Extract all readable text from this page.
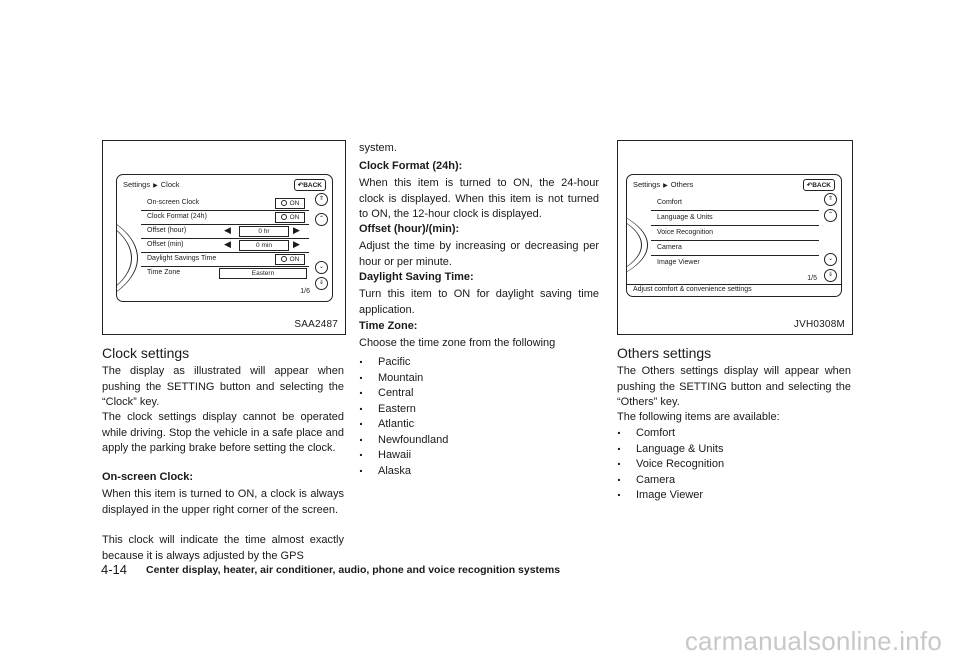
Settings ▶ Clock	↶BACK
On-screen Clock	ON
Clock Format (24h)	ON
Offset (hour)	◀	0 hr	▶
Offset (min)	◀	0 min	▶
Daylight Savings Time	ON
Time Zone	Eastern
⇑
⌃
⌄
⇓
1/6
SAA2487
Clock settings

The display as illustrated will appear when pushing the SETTING button and selecting the “Clock” key.

The clock settings display cannot be operated while driving. Stop the vehicle in a safe place and apply the parking brake before setting the clock.

On-screen Clock:

When this item is turned to ON, a clock is always displayed in the upper right corner of the screen.

This clock will indicate the time almost exactly because it is always adjusted by the GPS

system.

Clock Format (24h):

When this item is turned to ON, the 24-hour clock is displayed. When this item is not turned to ON, the 12-hour clock is displayed.

Offset (hour)/(min):

Adjust the time by increasing or decreasing per hour or per minute.

Daylight Saving Time:

Turn this item to ON for daylight saving time application.

Time Zone:

Choose the time zone from the following

. Pacific
. Mountain
. Central
. Eastern
. Atlantic
. Newfoundland
. Hawaii
. Alaska
Settings ▶ Others	↶BACK
Comfort
Language & Units
Voice Recognition
Camera
Image Viewer
⇑
⌃
⌄
⇓
1/5
Adjust comfort & convenience settings
JVH0308M
Others settings

The Others settings display will appear when pushing the SETTING button and selecting the “Others” key.

The following items are available:

. Comfort
. Language & Units
. Voice Recognition
. Camera
. Image Viewer
4-14 Center display, heater, air conditioner, audio, phone and voice recognition systems
carmanualsonline.info
